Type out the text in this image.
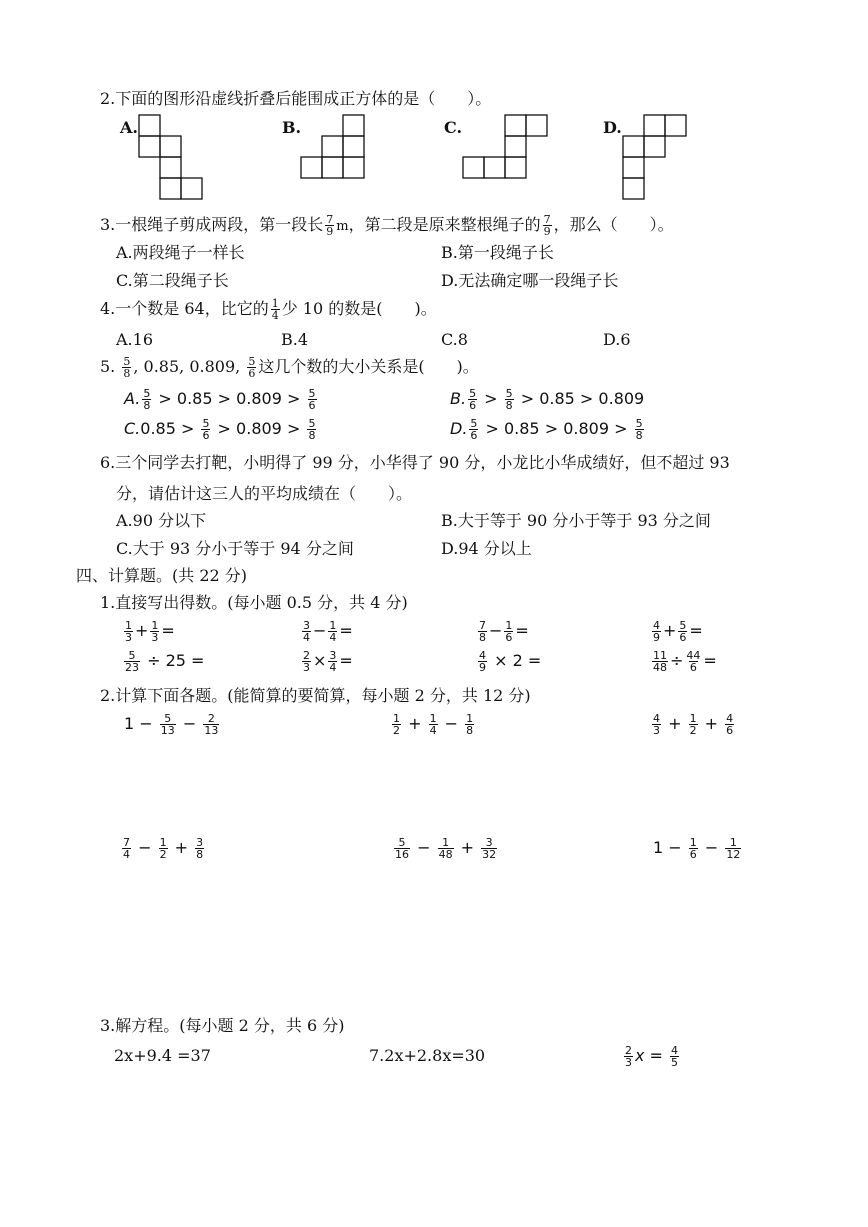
2.下面的图形沿虚线折叠后能围成正方体的是（　　）。
A.	B.	C.	D.
3.一根绳子剪成两段，第一段长 $\frac{7}{9}$ m，第二段是原来整根绳子的 $\frac{7}{9}$ ，那么（　　）。
A.两段绳子一样长	B.第一段绳子长
C.第二段绳子长	D.无法确定哪一段绳子长
4.一个数是 64，比它的 $\frac{1}{4}$ 少 10 的数是(　　)。
A.16	B.4	C.8	D.6
5. $\frac{5}{8}$ , 0.85, 0.809, $\frac{5}{6}$ 这几个数的大小关系是(　　)。
A. $\frac{5}{8} > 0.85 > 0.809 > \frac{5}{6}$	B. $\frac{5}{6} > \frac{5}{8} > 0.85 > 0.809$
$C.0.85 > \frac{5}{6} > 0.809 > \frac{5}{8}$	D. $\frac{5}{6} > 0.85 > 0.809 > \frac{5}{8}$
6.三个同学去打靶，小明得了 99 分，小华得了 90 分，小龙比小华成绩好，但不超过 93
分，请估计这三人的平均成绩在（　　）。
A.90 分以下	B.大于等于 90 分小于等于 93 分之间
C.大于 93 分小于等于 94 分之间	D.94 分以上
四、计算题。(共 22 分)
1.直接写出得数。(每小题 0.5 分，共 4 分)
$\frac{1}{3} + \frac{1}{3}$ =	$\frac{3}{4} - \frac{1}{4}$ =	$\frac{7}{8} - \frac{1}{6}$ =	$\frac{4}{9} + \frac{5}{6}$ =
$\frac{5}{23} \div 25$ =	$\frac{2}{3} \times \frac{3}{4}$ =	$\frac{4}{9} \times 2$ =	$\frac{11}{48} \div \frac{44}{6}$ =
2.计算下面各题。(能简算的要简算，每小题 2 分，共 12 分)
$1 - \frac{5}{13} - \frac{2}{13}$	$\frac{1}{2} + \frac{1}{4} - \frac{1}{8}$	$\frac{4}{3} + \frac{1}{2} + \frac{4}{6}$
$\frac{7}{4} - \frac{1}{2} + \frac{3}{8}$	$\frac{5}{16} - \frac{1}{48} + \frac{3}{32}$	$1 - \frac{1}{6} - \frac{1}{12}$
3.解方程。(每小题 2 分，共 6 分)
2x+9.4 =37	7.2x+2.8x=30	$\frac{2}{3}$ $x = \frac{4}{5}$
